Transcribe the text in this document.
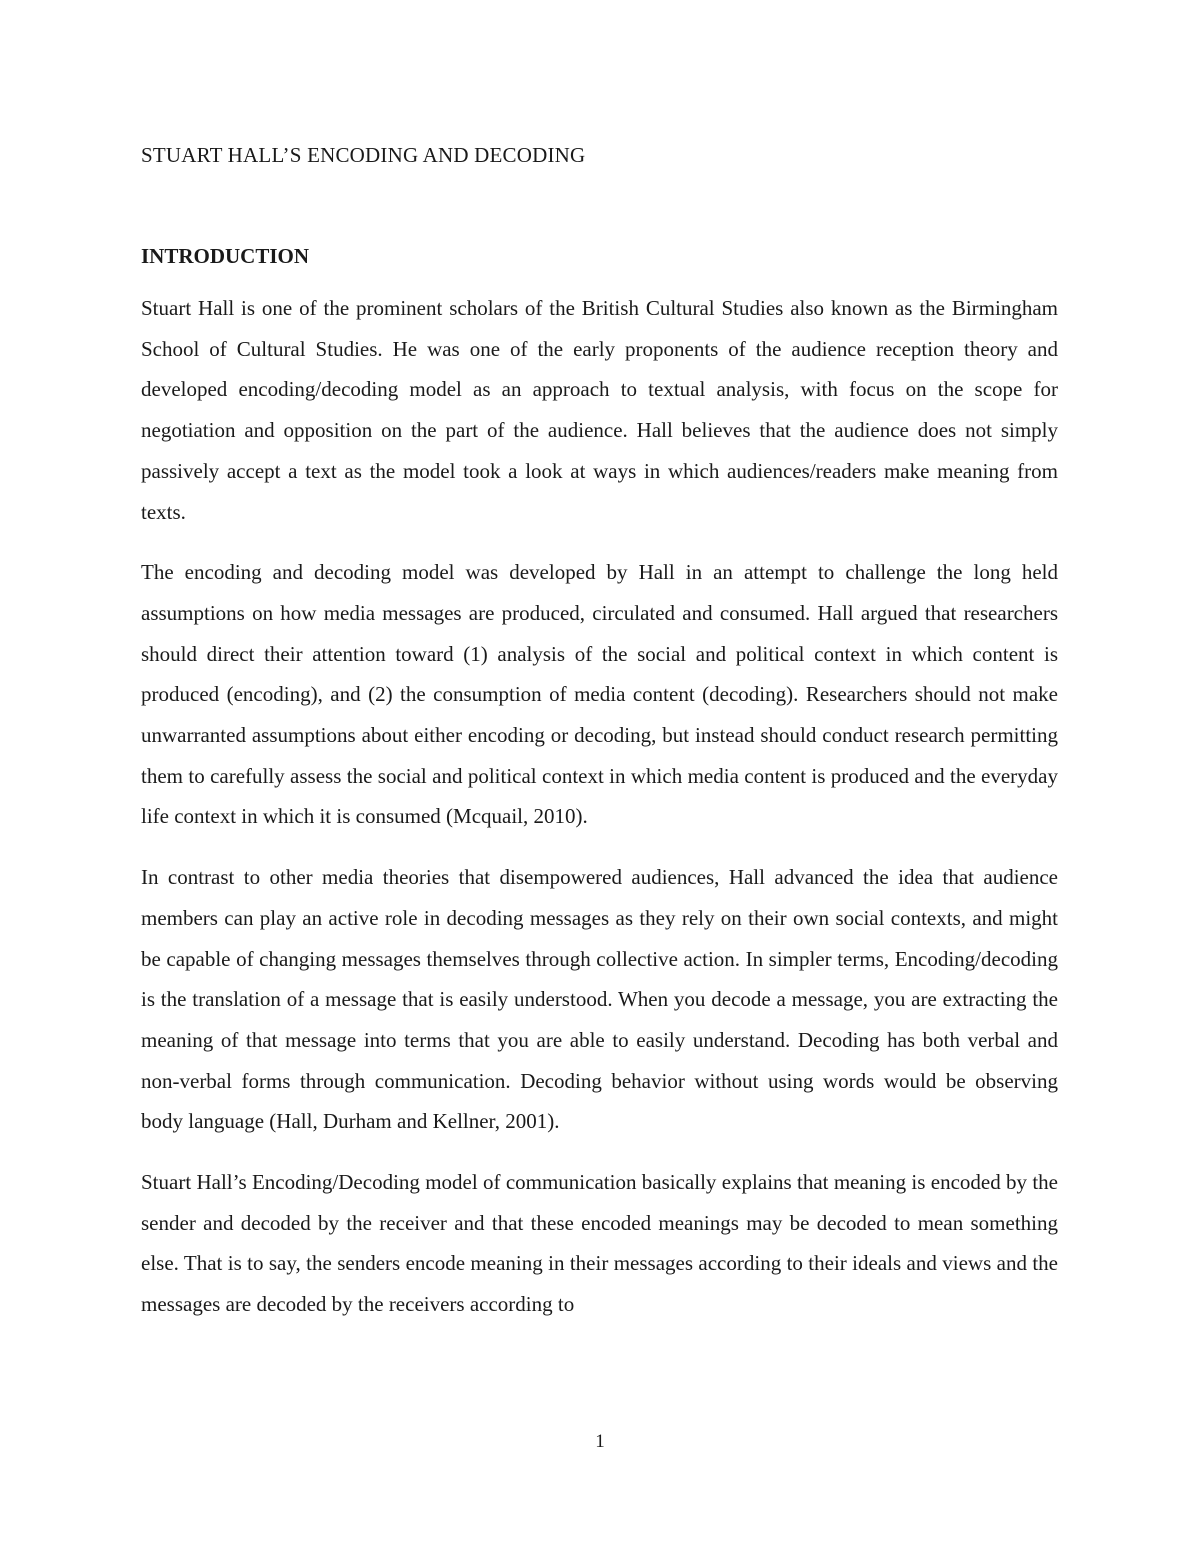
STUART HALL’S ENCODING AND DECODING
INTRODUCTION

Stuart Hall is one of the prominent scholars of the British Cultural Studies also known as the Birmingham School of Cultural Studies. He was one of the early proponents of the audience reception theory and developed encoding/decoding model as an approach to textual analysis, with focus on the scope for negotiation and opposition on the part of the audience. Hall believes that the audience does not simply passively accept a text as the model took a look at ways in which audiences/readers make meaning from texts.

The encoding and decoding model was developed by Hall in an attempt to challenge the long held assumptions on how media messages are produced, circulated and consumed. Hall argued that researchers should direct their attention toward (1) analysis of the social and political context in which content is produced (encoding), and (2) the consumption of media content (decoding). Researchers should not make unwarranted assumptions about either encoding or decoding, but instead should conduct research permitting them to carefully assess the social and political context in which media content is produced and the everyday life context in which it is consumed (Mcquail, 2010).

In contrast to other media theories that disempowered audiences, Hall advanced the idea that audience members can play an active role in decoding messages as they rely on their own social contexts, and might be capable of changing messages themselves through collective action. In simpler terms, Encoding/decoding is the translation of a message that is easily understood. When you decode a message, you are extracting the meaning of that message into terms that you are able to easily understand. Decoding has both verbal and non-verbal forms through communication. Decoding behavior without using words would be observing body language (Hall, Durham and Kellner, 2001).

Stuart Hall’s Encoding/Decoding model of communication basically explains that meaning is encoded by the sender and decoded by the receiver and that these encoded meanings may be decoded to mean something else. That is to say, the senders encode meaning in their messages according to their ideals and views and the messages are decoded by the receivers according to

1
